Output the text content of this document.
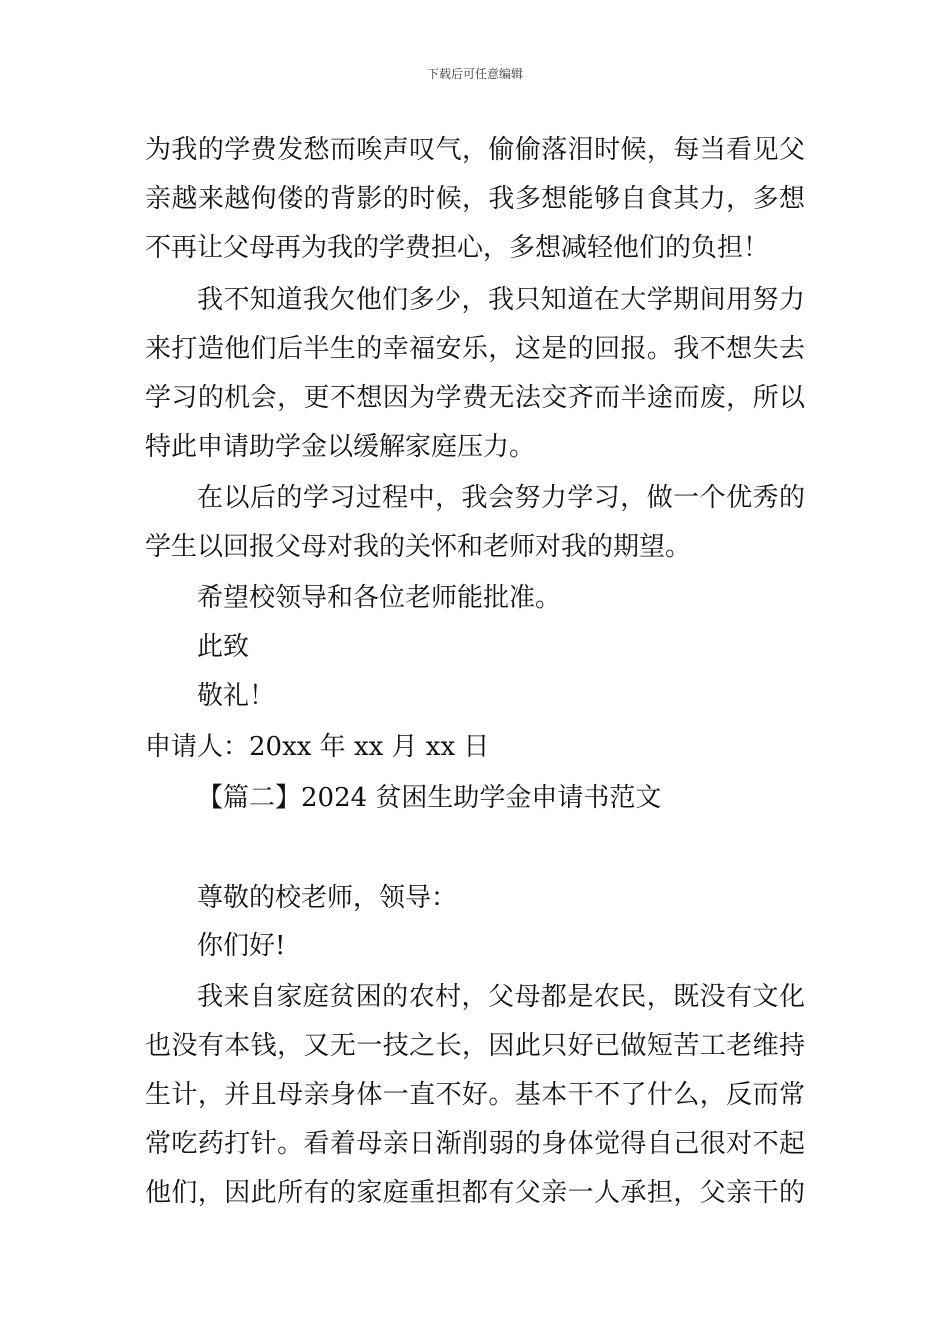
下载后可任意编辑
为我的学费发愁而唉声叹气，偷偷落泪时候，每当看见父
亲越来越佝偻的背影的时候，我多想能够自食其力，多想
不再让父母再为我的学费担心，多想减轻他们的负担！
我不知道我欠他们多少，我只知道在大学期间用努力
来打造他们后半生的幸福安乐，这是的回报。我不想失去
学习的机会，更不想因为学费无法交齐而半途而废，所以
特此申请助学金以缓解家庭压力。
在以后的学习过程中，我会努力学习，做一个优秀的
学生以回报父母对我的关怀和老师对我的期望。
希望校领导和各位老师能批准。
此致
敬礼！
申请人：20xx 年 xx 月 xx 日
【篇二】2024 贫困生助学金申请书范文
尊敬的校老师，领导：
你们好!
我来自家庭贫困的农村，父母都是农民，既没有文化
也没有本钱，又无一技之长，因此只好已做短苦工老维持
生计，并且母亲身体一直不好。基本干不了什么，反而常
常吃药打针。看着母亲日渐削弱的身体觉得自己很对不起
他们，因此所有的家庭重担都有父亲一人承担，父亲干的
